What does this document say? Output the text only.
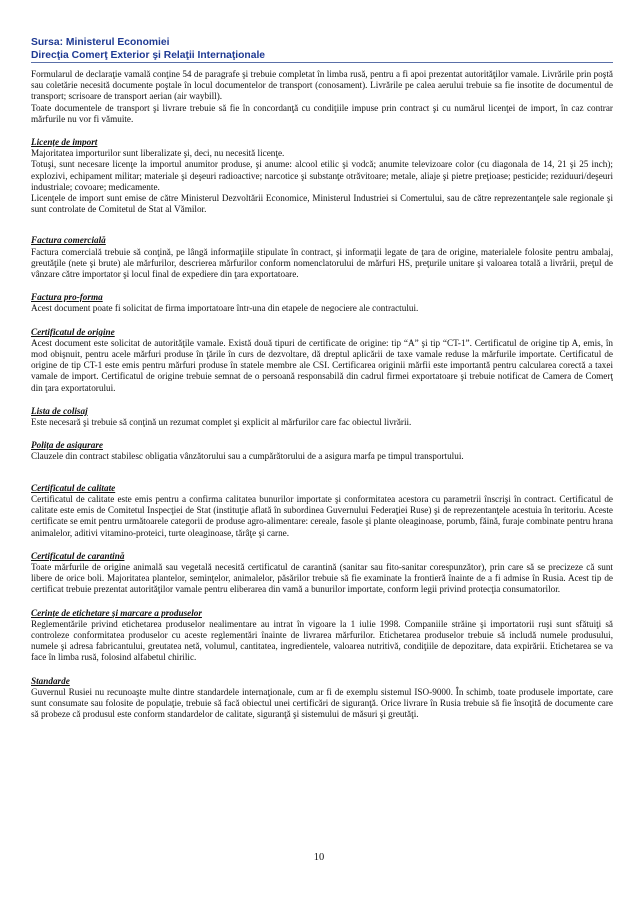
Sursa: Ministerul Economiei
Direcţia Comerţ Exterior şi Relaţii Internaţionale

Formularul de declaraţie vamală conţine 54 de paragrafe şi trebuie completat în limba rusă, pentru a fi apoi prezentat autorităţilor vamale. Livrările prin poştă sau coletărie necesită documente poştale în locul documentelor de transport (conosament). Livrările pe calea aerului trebuie sa fie insotite de documentul de transport; scrisoare de transport aerian (air waybill).

Toate documentele de transport şi livrare trebuie să fie în concordanţă cu condiţiile impuse prin contract şi cu numărul licenţei de import, în caz contrar mărfurile nu vor fi vămuite.

Licenţe de import

Majoritatea importurilor sunt liberalizate şi, deci, nu necesită licenţe.

Totuşi, sunt necesare licenţe la importul anumitor produse, şi anume: alcool etilic şi vodcă; anumite televizoare color (cu diagonala de 14, 21 şi 25 inch); explozivi, echipament militar; materiale şi deşeuri radioactive; narcotice şi substanţe otrăvitoare; metale, aliaje şi pietre preţioase; pesticide; reziduuri/deşeuri industriale; covoare; medicamente.

Licenţele de import sunt emise de către Ministerul Dezvoltării Economice, Ministerul Industriei si Comertului, sau de către reprezentanţele sale regionale şi sunt controlate de Comitetul de Stat al Vămilor.

Factura comercială

Factura comercială trebuie să conţină, pe lângă informaţiile stipulate în contract, şi informaţii legate de ţara de origine, materialele folosite pentru ambalaj, greutăţile (nete şi brute) ale mărfurilor, descrierea mărfurilor conform nomenclatorului de mărfuri HS, preţurile unitare şi valoarea totală a livrării, preţul de vânzare către importator şi locul final de expediere din ţara exportatoare.

Factura pro-forma

Acest document poate fi solicitat de firma importatoare într-una din etapele de negociere ale contractului.

Certificatul de origine

Acest document este solicitat de autorităţile vamale. Există două tipuri de certificate de origine: tip “A” şi tip “CT-1”. Certificatul de origine tip A, emis, în mod obişnuit, pentru acele mărfuri produse în ţările în curs de dezvoltare, dă dreptul aplicării de taxe vamale reduse la mărfurile importate. Certificatul de origine de tip CT-1 este emis pentru mărfuri produse în statele membre ale CSI. Certificarea originii mărfii este importantă pentru calcularea corectă a taxei vamale de import. Certificatul de origine trebuie semnat de o persoană responsabilă din cadrul firmei exportatoare şi trebuie notificat de Camera de Comerţ din ţara exportatorului.

Lista de colisaj

Este necesară şi trebuie să conţină un rezumat complet şi explicit al mărfurilor care fac obiectul livrării.

Poliţa de asigurare

Clauzele din contract stabilesc obligatia vânzătorului sau a cumpărătorului de a asigura marfa pe timpul transportului.

Certificatul de calitate

Certificatul de calitate este emis pentru a confirma calitatea bunurilor importate şi conformitatea acestora cu parametrii înscrişi în contract. Certificatul de calitate este emis de Comitetul Inspecţiei de Stat (instituţie aflată în subordinea Guvernului Federaţiei Ruse) şi de reprezentanţele acestuia în teritoriu. Aceste certificate se emit pentru următoarele categorii de produse agro-alimentare: cereale, fasole şi plante oleaginoase, porumb, făină, furaje combinate pentru hrana animalelor, aditivi vitamino-proteici, turte oleaginoase, tărâţe şi carne.

Certificatul de carantină

Toate mărfurile de origine animală sau vegetală necesită certificatul de carantină (sanitar sau fito-sanitar corespunzător), prin care să se precizeze că sunt libere de orice boli. Majoritatea plantelor, seminţelor, animalelor, păsărilor trebuie să fie examinate la frontieră înainte de a fi admise în Rusia. Acest tip de certificat trebuie prezentat autorităţilor vamale pentru eliberarea din vamă a bunurilor importate, conform legii privind protecţia consumatorilor.

Cerinţe de etichetare şi marcare a produselor

Reglementările privind etichetarea produselor nealimentare au intrat în vigoare la 1 iulie 1998. Companiile străine şi importatorii ruşi sunt sfătuiţi să controleze conformitatea produselor cu aceste reglementări înainte de livrarea mărfurilor. Etichetarea produselor trebuie să includă numele produsului, numele şi adresa fabricantului, greutatea netă, volumul, cantitatea, ingredientele, valoarea nutritivă, condiţiile de depozitare, data expirării. Etichetarea se va face în limba rusă, folosind alfabetul chirilic.

Standarde

Guvernul Rusiei nu recunoaşte multe dintre standardele internaţionale, cum ar fi de exemplu sistemul ISO-9000. În schimb, toate produsele importate, care sunt consumate sau folosite de populaţie, trebuie să facă obiectul unei certificări de siguranţă. Orice livrare în Rusia trebuie să fie însoţită de documente care să probeze că produsul este conform standardelor de calitate, siguranţă şi sistemului de măsuri şi greutăţi.

10
